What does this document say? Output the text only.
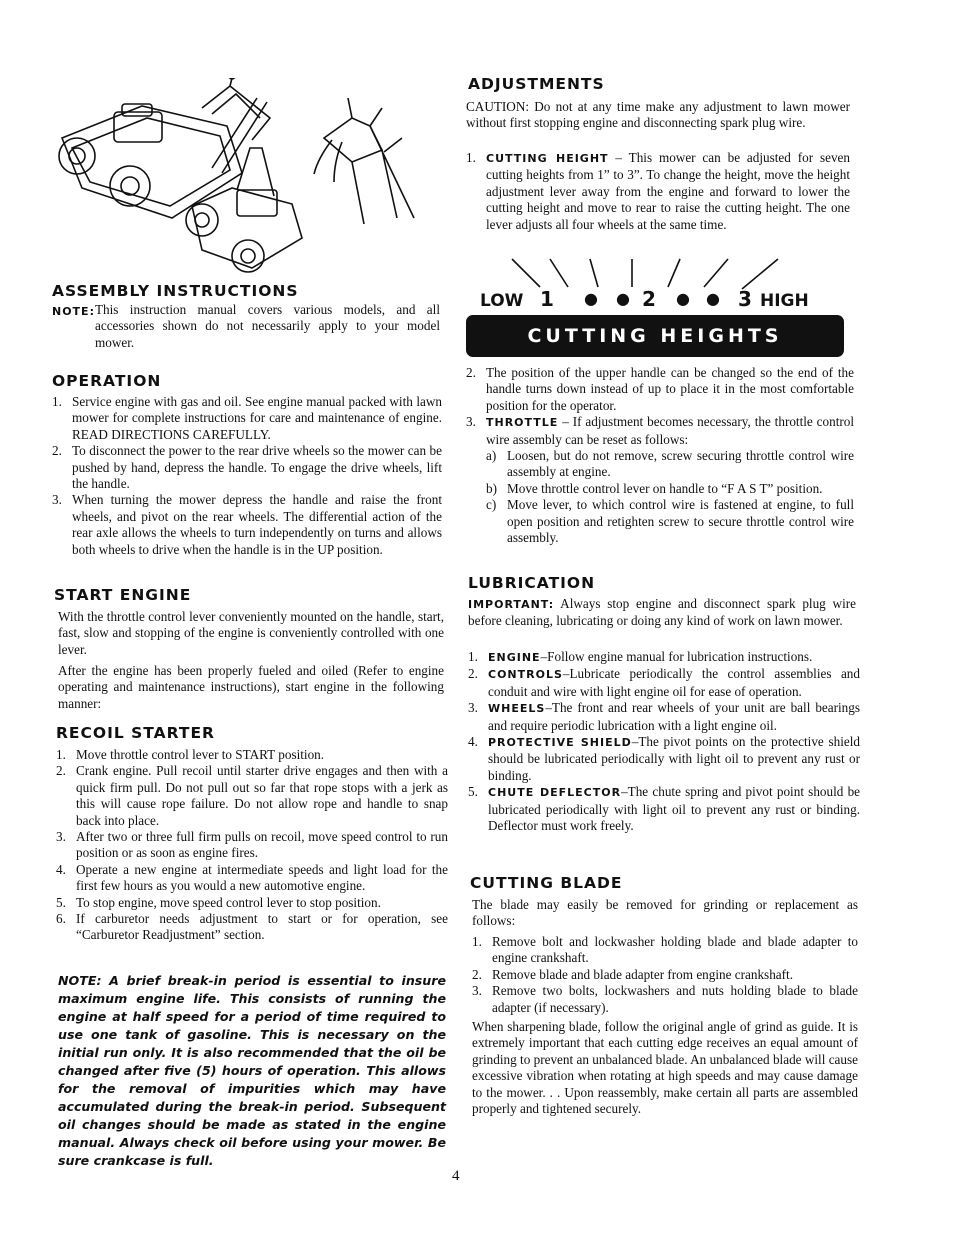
ASSEMBLY INSTRUCTIONS
NOTE: This instruction manual covers various models, and all accessories shown do not necessarily apply to your model mower.
OPERATION
1. Service engine with gas and oil. See engine manual packed with lawn mower for complete instructions for care and maintenance of engine. READ DIRECTIONS CAREFULLY.
2. To disconnect the power to the rear drive wheels so the mower can be pushed by hand, depress the handle. To engage the drive wheels, lift the handle.
3. When turning the mower depress the handle and raise the front wheels, and pivot on the rear wheels. The differential action of the rear axle allows the wheels to turn independently on turns and allows both wheels to drive when the handle is in the UP position.
START ENGINE

With the throttle control lever conveniently mounted on the handle, start, fast, slow and stopping of the engine is conveniently controlled with one lever.

After the engine has been properly fueled and oiled (Refer to engine operating and maintenance instructions), start engine in the following manner:

RECOIL STARTER
1. Move throttle control lever to START position.
2. Crank engine. Pull recoil until starter drive engages and then with a quick firm pull. Do not pull out so far that rope stops with a jerk as this will cause rope failure. Do not allow rope and handle to snap back into place.
3. After two or three full firm pulls on recoil, move speed control to run position or as soon as engine fires.
4. Operate a new engine at intermediate speeds and light load for the first few hours as you would a new automotive engine.
5. To stop engine, move speed control lever to stop position.
6. If carburetor needs adjustment to start or for operation, see “Carburetor Readjustment” section.

NOTE: A brief break-in period is essential to insure maximum engine life. This consists of running the engine at half speed for a period of time required to use one tank of gasoline. This is necessary on the initial run only. It is also recommended that the oil be changed after five (5) hours of operation. This allows for the removal of impurities which may have accumulated during the break-in period. Subsequent oil changes should be made as stated in the engine manual. Always check oil before using your mower. Be sure crankcase is full.

ADJUSTMENTS

CAUTION: Do not at any time make any adjustment to lawn mower without first stopping engine and disconnecting spark plug wire.

1. CUTTING HEIGHT – This mower can be adjusted for seven cutting heights from 1” to 3”. To change the height, move the height adjustment lever away from the engine and forward to lower the cutting height and move to rear to raise the cutting height. The one lever adjusts all four wheels at the same time.
LOW 1 ● ● 2 ● ● 3 HIGH
CUTTING HEIGHTS
2. The position of the upper handle can be changed so the end of the handle turns down instead of up to place it in the most comfortable position for the operator.
3. THROTTLE – If adjustment becomes necessary, the throttle control wire assembly can be reset as follows:
a) Loosen, but do not remove, screw securing throttle control wire assembly at engine.
b) Move throttle control lever on handle to “F A S T” position.
c) Move lever, to which control wire is fastened at engine, to full open position and retighten screw to secure throttle control wire assembly.
LUBRICATION

IMPORTANT: Always stop engine and disconnect spark plug wire before cleaning, lubricating or doing any kind of work on lawn mower.

1. ENGINE–Follow engine manual for lubrication instructions.
2. CONTROLS–Lubricate periodically the control assemblies and conduit and wire with light engine oil for ease of operation.
3. WHEELS–The front and rear wheels of your unit are ball bearings and require periodic lubrication with a light engine oil.
4. PROTECTIVE SHIELD–The pivot points on the protective shield should be lubricated periodically with light oil to prevent any rust or binding.
5. CHUTE DEFLECTOR–The chute spring and pivot point should be lubricated periodically with light oil to prevent any rust or binding. Deflector must work freely.
CUTTING BLADE

The blade may easily be removed for grinding or replacement as follows:

1. Remove bolt and lockwasher holding blade and blade adapter to engine crankshaft.
2. Remove blade and blade adapter from engine crankshaft.
3. Remove two bolts, lockwashers and nuts holding blade to blade adapter (if necessary).

When sharpening blade, follow the original angle of grind as guide. It is extremely important that each cutting edge receives an equal amount of grinding to prevent an unbalanced blade. An unbalanced blade will cause excessive vibration when rotating at high speeds and may cause damage to the mower. . . Upon reassembly, make certain all parts are assembled properly and tightened securely.

4
